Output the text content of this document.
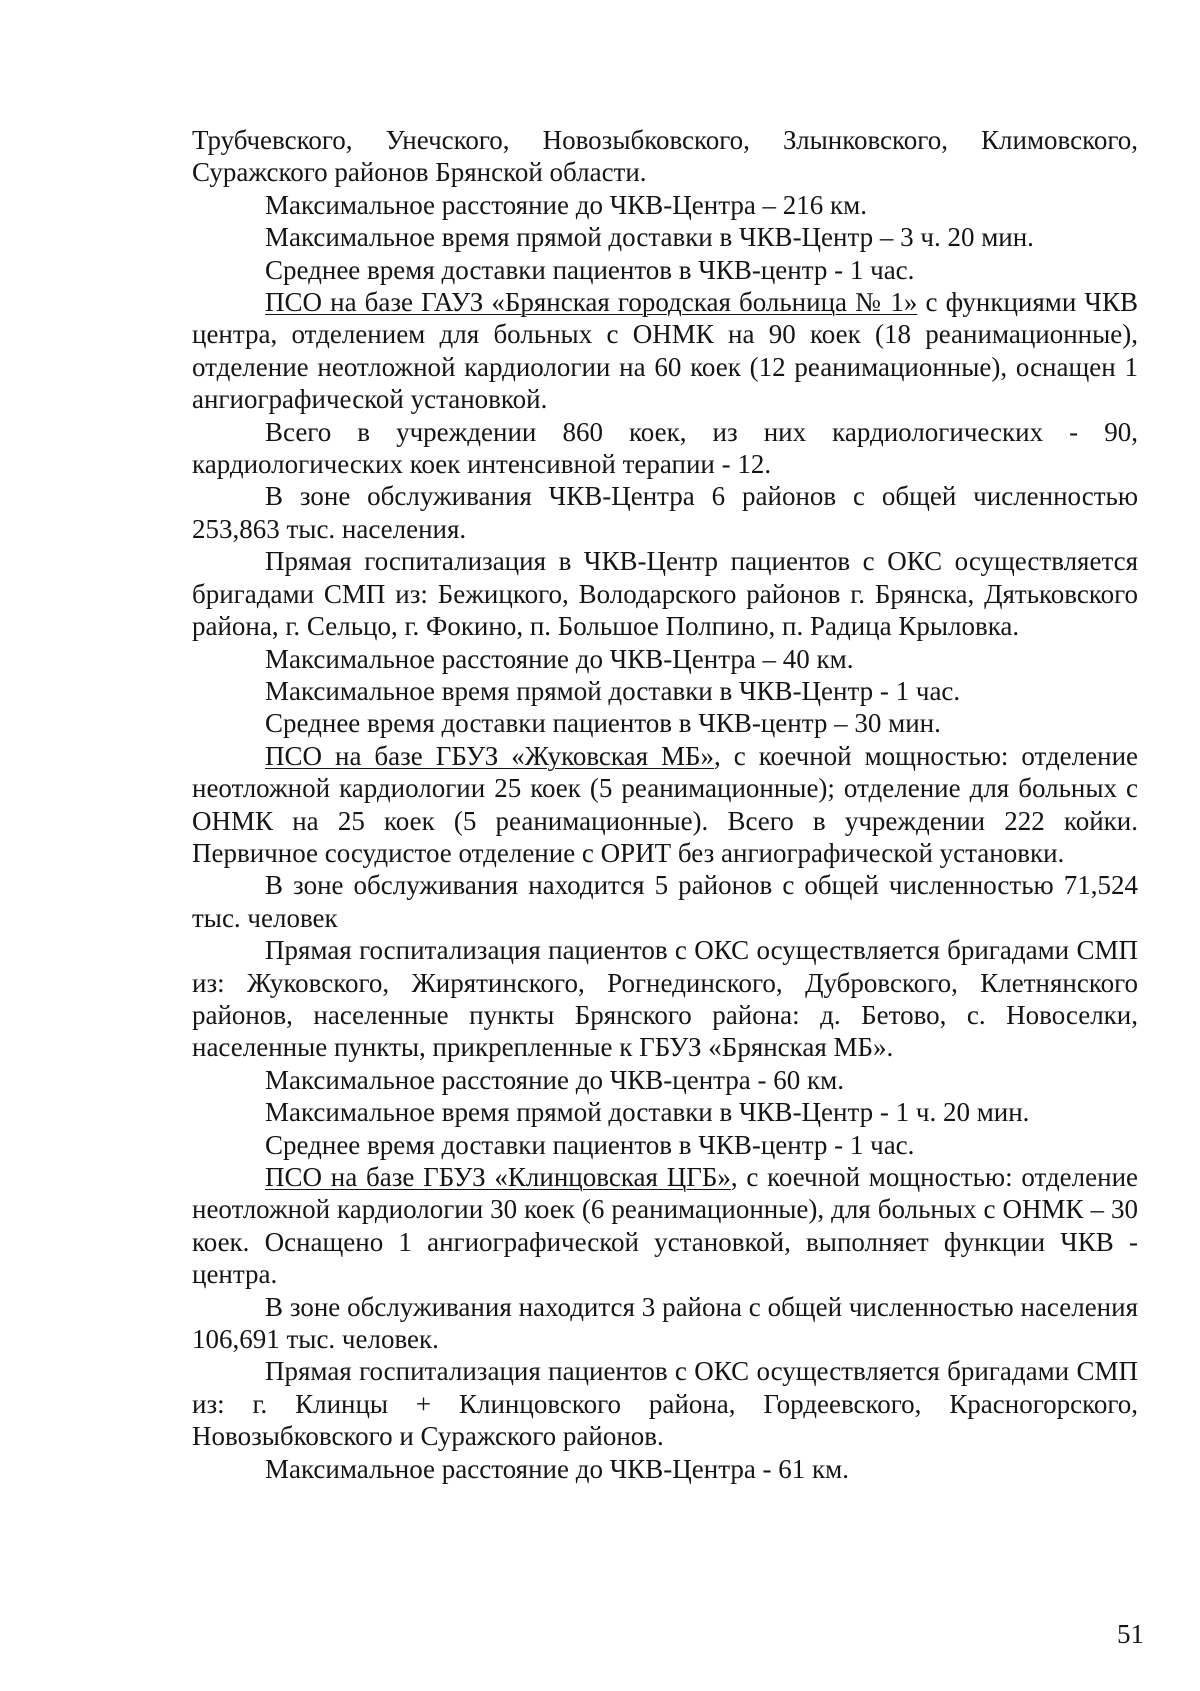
Трубчевского, Унечского, Новозыбковского, Злынковского, Климовского, Суражского районов Брянской области.

Максимальное расстояние до ЧКВ-Центра – 216 км.

Максимальное время прямой доставки в ЧКВ-Центр – 3 ч. 20 мин.

Среднее время доставки пациентов в ЧКВ-центр - 1 час.

ПСО на базе ГАУЗ «Брянская городская больница № 1» с функциями ЧКВ центра, отделением для больных с ОНМК на 90 коек (18 реанимационные), отделение неотложной кардиологии на 60 коек (12 реанимационные), оснащен 1 ангиографической установкой.

Всего в учреждении 860 коек, из них кардиологических - 90, кардиологических коек интенсивной терапии - 12.

В зоне обслуживания ЧКВ-Центра 6 районов с общей численностью 253,863 тыс. населения.

Прямая госпитализация в ЧКВ-Центр пациентов с ОКС осуществляется бригадами СМП из: Бежицкого, Володарского районов г. Брянска, Дятьковского района, г. Сельцо, г. Фокино, п. Большое Полпино, п. Радица Крыловка.

Максимальное расстояние до ЧКВ-Центра – 40 км.

Максимальное время прямой доставки в ЧКВ-Центр - 1 час.

Среднее время доставки пациентов в ЧКВ-центр – 30 мин.

ПСО на базе ГБУЗ «Жуковская МБ», с коечной мощностью: отделение неотложной кардиологии 25 коек (5 реанимационные); отделение для больных с ОНМК на 25 коек (5 реанимационные). Всего в учреждении 222 койки. Первичное сосудистое отделение с ОРИТ без ангиографической установки.

В зоне обслуживания находится 5 районов с общей численностью 71,524 тыс. человек

Прямая госпитализация пациентов с ОКС осуществляется бригадами СМП из: Жуковского, Жирятинского, Рогнединского, Дубровского, Клетнянского районов, населенные пункты Брянского района: д. Бетово, с. Новоселки, населенные пункты, прикрепленные к ГБУЗ «Брянская МБ».

Максимальное расстояние до ЧКВ-центра - 60 км.

Максимальное время прямой доставки в ЧКВ-Центр - 1 ч. 20 мин.

Среднее время доставки пациентов в ЧКВ-центр - 1 час.

ПСО на базе ГБУЗ «Клинцовская ЦГБ», с коечной мощностью: отделение неотложной кардиологии 30 коек (6 реанимационные), для больных с ОНМК – 30 коек. Оснащено 1 ангиографической установкой, выполняет функции ЧКВ - центра.

В зоне обслуживания находится 3 района с общей численностью населения 106,691 тыс. человек.

Прямая госпитализация пациентов с ОКС осуществляется бригадами СМП из: г. Клинцы + Клинцовского района, Гордеевского, Красногорского, Новозыбковского и Суражского районов.

Максимальное расстояние до ЧКВ-Центра - 61 км.

51
